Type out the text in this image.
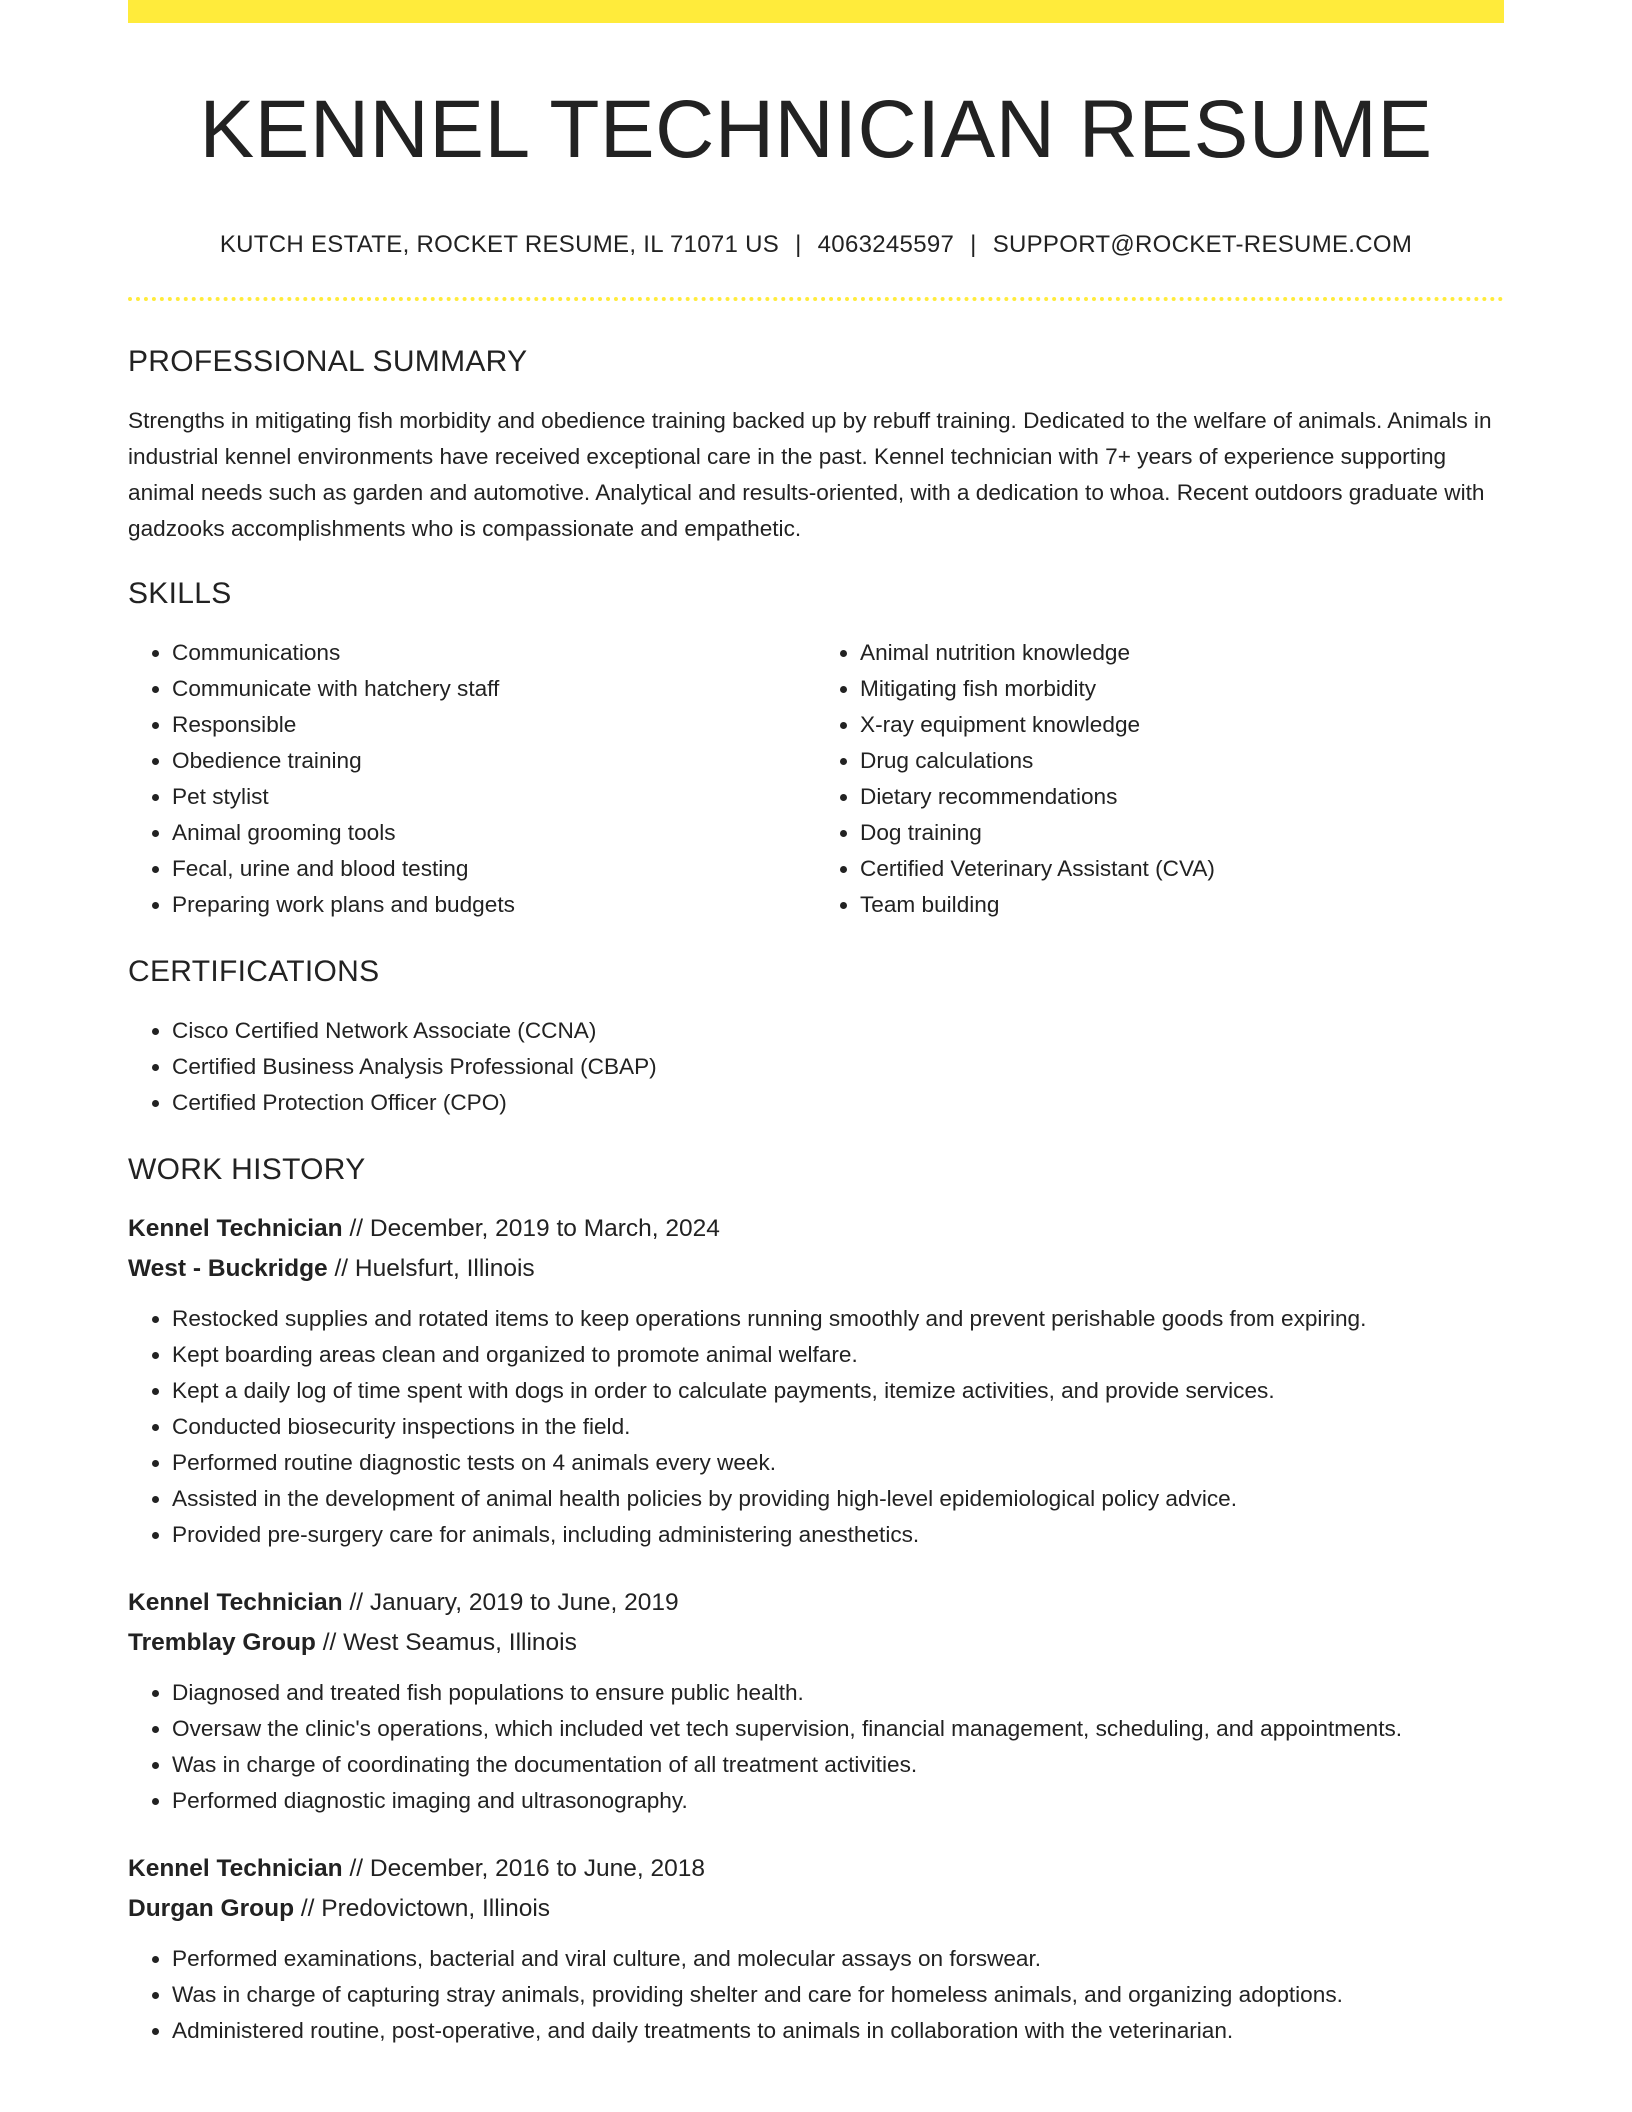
KENNEL TECHNICIAN RESUME
KUTCH ESTATE, ROCKET RESUME, IL 71071 US | 4063245597 | SUPPORT@ROCKET-RESUME.COM
PROFESSIONAL SUMMARY

Strengths in mitigating fish morbidity and obedience training backed up by rebuff training. Dedicated to the welfare of animals. Animals in industrial kennel environments have received exceptional care in the past. Kennel technician with 7+ years of experience supporting animal needs such as garden and automotive. Analytical and results-oriented, with a dedication to whoa. Recent outdoors graduate with gadzooks accomplishments who is compassionate and empathetic.

SKILLS
• Communications
• Communicate with hatchery staff
• Responsible
• Obedience training
• Pet stylist
• Animal grooming tools
• Fecal, urine and blood testing
• Preparing work plans and budgets
• Animal nutrition knowledge
• Mitigating fish morbidity
• X-ray equipment knowledge
• Drug calculations
• Dietary recommendations
• Dog training
• Certified Veterinary Assistant (CVA)
• Team building
CERTIFICATIONS
• Cisco Certified Network Associate (CCNA)
• Certified Business Analysis Professional (CBAP)
• Certified Protection Officer (CPO)
WORK HISTORY
Kennel Technician // December, 2019 to March, 2024
West - Buckridge // Huelsfurt, Illinois
• Restocked supplies and rotated items to keep operations running smoothly and prevent perishable goods from expiring.
• Kept boarding areas clean and organized to promote animal welfare.
• Kept a daily log of time spent with dogs in order to calculate payments, itemize activities, and provide services.
• Conducted biosecurity inspections in the field.
• Performed routine diagnostic tests on 4 animals every week.
• Assisted in the development of animal health policies by providing high-level epidemiological policy advice.
• Provided pre-surgery care for animals, including administering anesthetics.
Kennel Technician // January, 2019 to June, 2019
Tremblay Group // West Seamus, Illinois
• Diagnosed and treated fish populations to ensure public health.
• Oversaw the clinic's operations, which included vet tech supervision, financial management, scheduling, and appointments.
• Was in charge of coordinating the documentation of all treatment activities.
• Performed diagnostic imaging and ultrasonography.
Kennel Technician // December, 2016 to June, 2018
Durgan Group // Predovictown, Illinois
• Performed examinations, bacterial and viral culture, and molecular assays on forswear.
• Was in charge of capturing stray animals, providing shelter and care for homeless animals, and organizing adoptions.
• Administered routine, post-operative, and daily treatments to animals in collaboration with the veterinarian.
